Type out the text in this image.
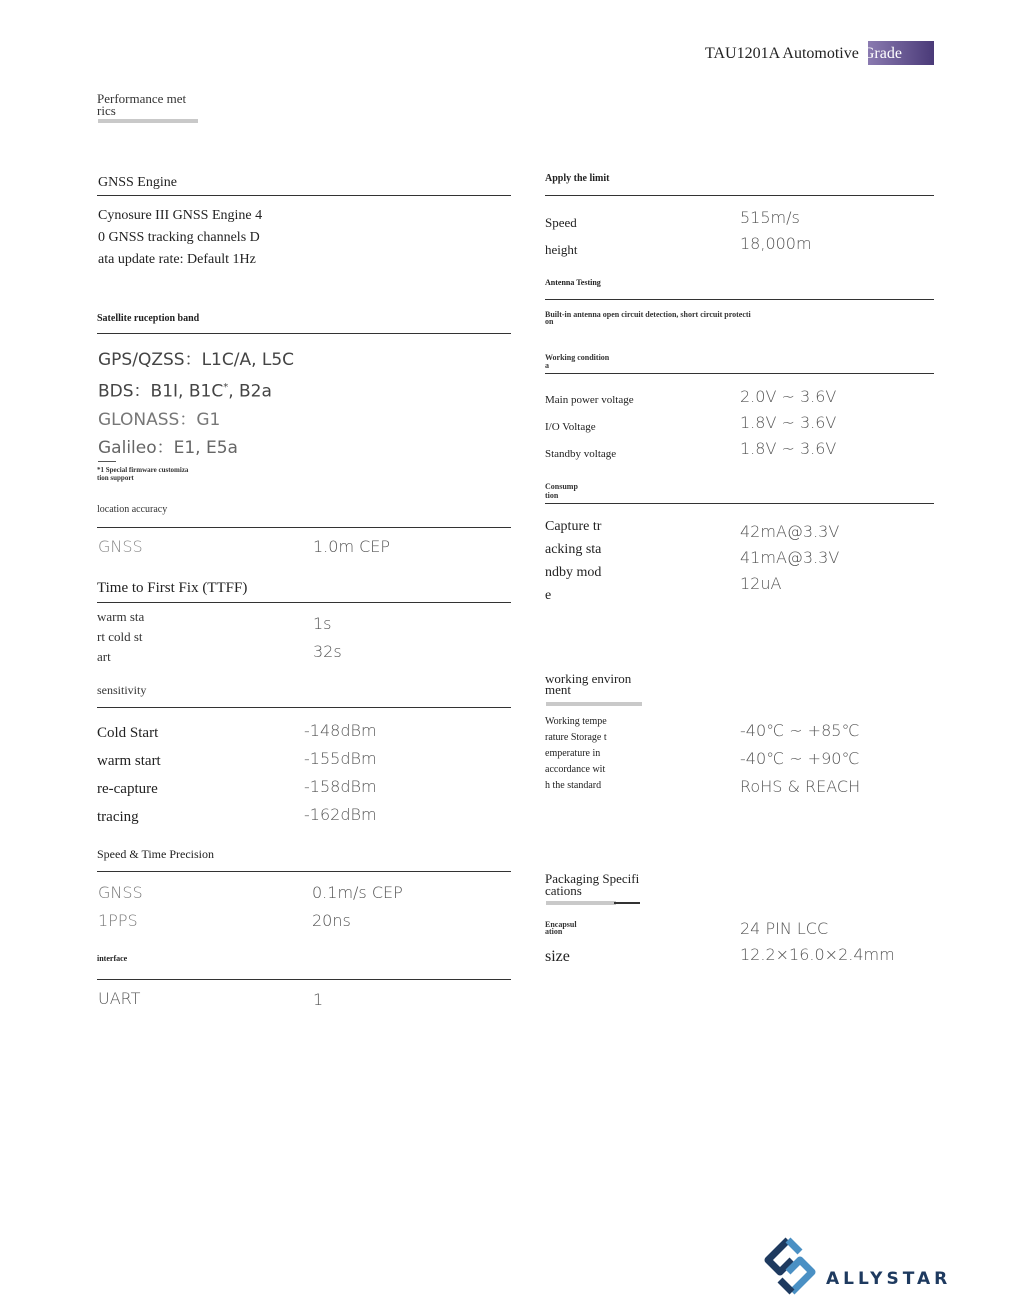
TAU1201A Automotive Grade
Performance met
rics
GNSS Engine
Cynosure III GNSS Engine 4
0 GNSS tracking channels D
ata update rate: Default 1Hz
Satellite ruception band
GPS/QZSS：L1C/A, L5C
BDS：B1I, B1C*, B2a
GLONASS：G1
Galileo：E1, E5a
*1 Special firmware customiza
tion support
location accuracy
GNSS	1.0m CEP
Time to First Fix (TTFF)
warm sta
rt cold st
art
1s
32s
sensitivity
Cold Start
warm start
re-capture
tracing
-148dBm
-155dBm
-158dBm
-162dBm
Speed & Time Precision
GNSS
1PPS
0.1m/s CEP
20ns
interface
UART	1
Apply the limit
Speed
height
515m/s
18,000m
Antenna Testing
Built-in antenna open circuit detection, short circuit protecti
on
Working condition
a
Main power voltage
I/O Voltage
Standby voltage
2.0V ~ 3.6V
1.8V ~ 3.6V
1.8V ~ 3.6V
Consump
tion
Capture tr
acking sta
ndby mod
e
42mA@3.3V
41mA@3.3V
12uA
working environ
ment
Working tempe
rature Storage t
emperature in
accordance wit
h the standard
-40℃ ~ +85℃
-40℃ ~ +90℃
RoHS & REACH
Packaging Specifi
cations
Encapsul
ation
size
24 PIN LCC
12.2×16.0×2.4mm
ALLYSTAR
